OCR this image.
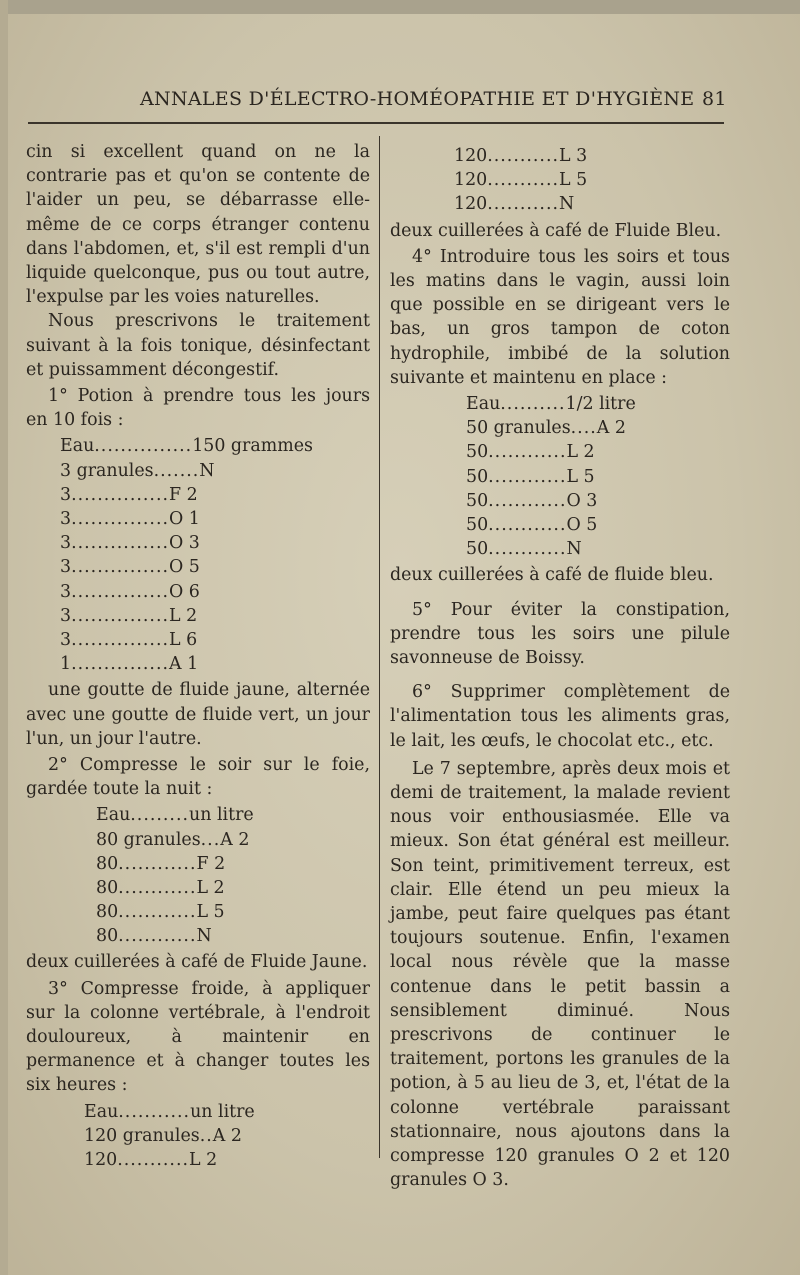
ANNALES D'ÉLECTRO-HOMÉOPATHIE ET D'HYGIÈNE 81

cin si excellent quand on ne la contrarie pas et qu'on se contente de l'aider un peu, se débarrasse elle-même de ce corps étranger contenu dans l'abdomen, et, s'il est rempli d'un liquide quelconque, pus ou tout autre, l'expulse par les voies naturelles.

Nous prescrivons le traitement suivant à la fois tonique, désinfectant et puissamment décongestif.

1° Potion à prendre tous les jours en 10 fois :

Eau...............150 grammes
3 granules.......N
3...............F 2
3...............O 1
3...............O 3
3...............O 5
3...............O 6
3...............L 2
3...............L 6
1...............A 1

une goutte de fluide jaune, alternée avec une goutte de fluide vert, un jour l'un, un jour l'autre.

2° Compresse le soir sur le foie, gardée toute la nuit :

Eau.........un litre
80 granules...A 2
80............F 2
80............L 2
80............L 5
80............N

deux cuillerées à café de Fluide Jaune.

3° Compresse froide, à appliquer sur la colonne vertébrale, à l'endroit douloureux, à maintenir en permanence et à changer toutes les six heures :

Eau...........un litre
120 granules..A 2
120...........L 2
120...........L 3
120...........L 5
120...........N

deux cuillerées à café de Fluide Bleu.

4° Introduire tous les soirs et tous les matins dans le vagin, aussi loin que possible en se dirigeant vers le bas, un gros tampon de coton hydrophile, imbibé de la solution suivante et maintenu en place :

Eau..........1/2 litre
50 granules....A 2
50............L 2
50............L 5
50............O 3
50............O 5
50............N

deux cuillerées à café de fluide bleu.

5° Pour éviter la constipation, prendre tous les soirs une pilule savonneuse de Boissy.

6° Supprimer complètement de l'alimentation tous les aliments gras, le lait, les œufs, le chocolat etc., etc.

Le 7 septembre, après deux mois et demi de traitement, la malade revient nous voir enthousiasmée. Elle va mieux. Son état général est meilleur. Son teint, primitivement terreux, est clair. Elle étend un peu mieux la jambe, peut faire quelques pas étant toujours soutenue. Enfin, l'examen local nous révèle que la masse contenue dans le petit bassin a sensiblement diminué. Nous prescrivons de continuer le traitement, portons les granules de la potion, à 5 au lieu de 3, et, l'état de la colonne vertébrale paraissant stationnaire, nous ajoutons dans la compresse 120 granules O 2 et 120 granules O 3.
